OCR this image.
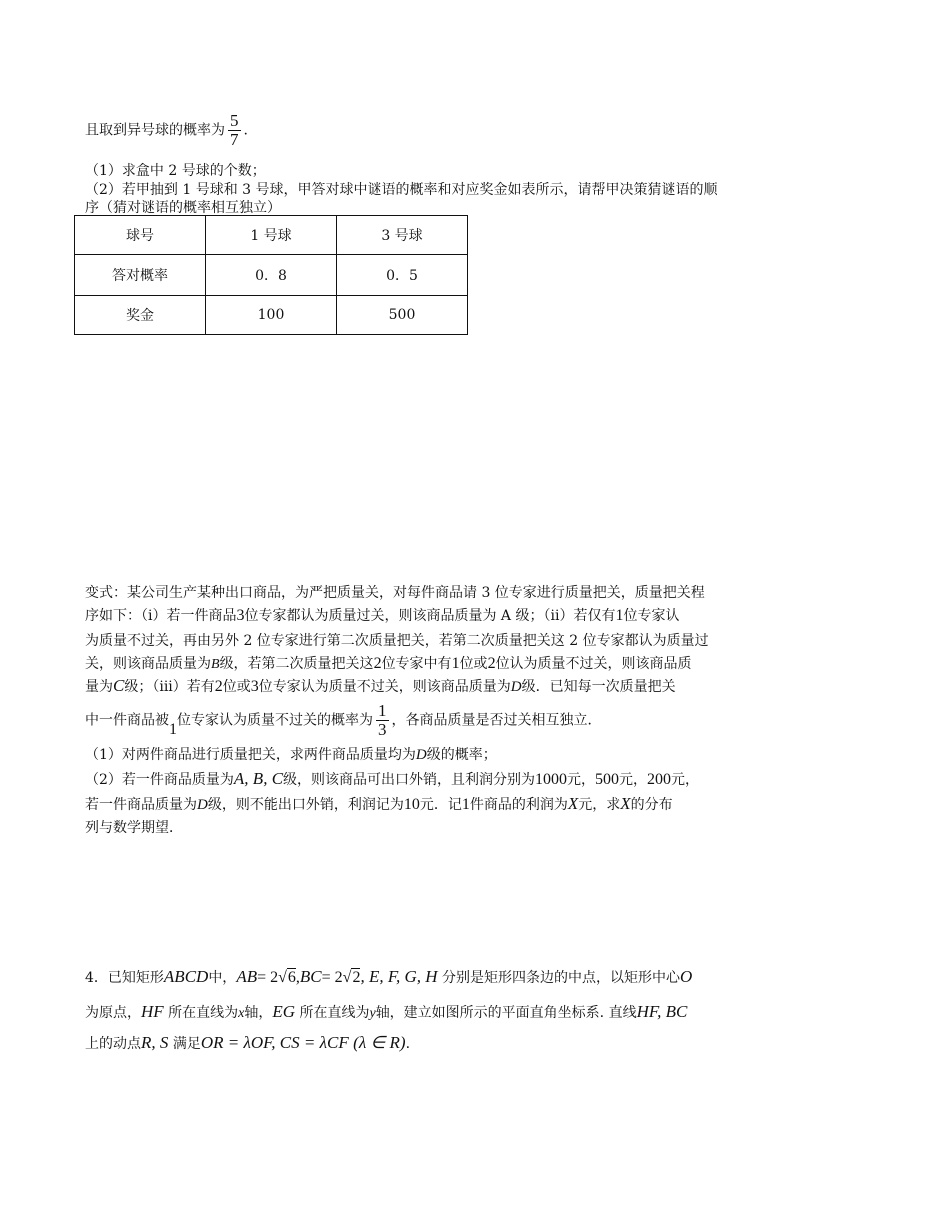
且取到异号球的概率为 $\frac{5}{7}$ .
（1）求盒中 2 号球的个数；
（2）若甲抽到 1 号球和 3 号球，甲答对球中谜语的概率和对应奖金如表所示，请帮甲决策猜谜语的顺
序（猜对谜语的概率相互独立）
球号	1 号球	3 号球
答对概率	0．8	0．5
奖金	100	500
变式：某公司生产某种出口商品，为严把质量关，对每件商品请 3 位专家进行质量把关，质量把关程
序如下：（i）若一件商品3位专家都认为质量过关，则该商品质量为 A 级；（ii）若仅有1位专家认
为质量不过关，再由另外 2 位专家进行第二次质量把关，若第二次质量把关这 2 位专家都认为质量过
关，则该商品质量为B级，若第二次质量把关这2位专家中有1位或2位认为质量不过关，则该商品质
量为C级；（iii）若有2位或3位专家认为质量不过关，则该商品质量为D级．已知每一次质量把关
中一件商品被1位专家认为质量不过关的概率为 $\frac{1}{3}$ ，各商品质量是否过关相互独立．
（1）对两件商品进行质量把关，求两件商品质量均为D级的概率；
（2）若一件商品质量为A, B, C级，则该商品可出口外销，且利润分别为1000元，500元，200元，
若一件商品质量为D级，则不能出口外销，利润记为10元．记1件商品的利润为X元，求X的分布
列与数学期望．
4．已知矩形ABCD中，AB= 2√6,BC= 2√2, E, F, G, H 分别是矩形四条边的中点，以矩形中心O
为原点，HF 所在直线为x轴，EG 所在直线为y轴，建立如图所示的平面直角坐标系. 直线HF, BC
上的动点R, S 满足OR = λOF, CS = λCF (λ ∈ R).
